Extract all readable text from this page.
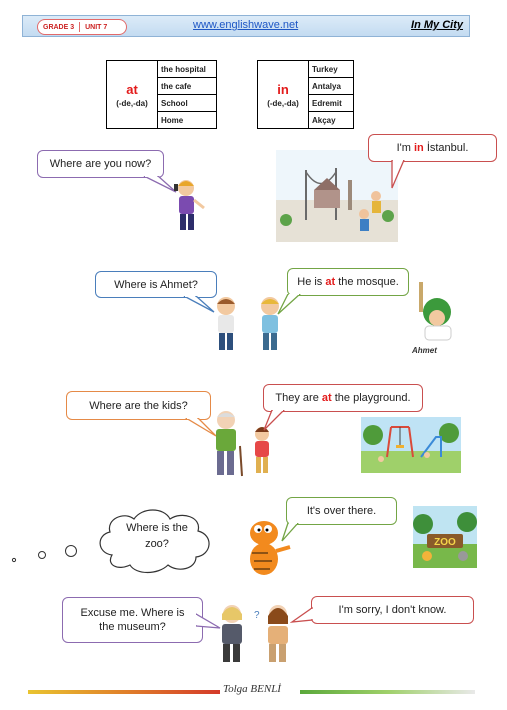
GRADE 3	UNIT 7	www.englishwave.net	In My City
at
(-de,-da)
	the hospital
the cafe
School
Home
in
(-de,-da)
	Turkey
Antalya
Edremit
Akçay
Where are you now?
I'm in İstanbul.
Where is Ahmet?	He is at the mosque.
Ahmet
Where are the kids?
They are at the playground.
Where is the
zoo?
It's over there.
ZOO
Excuse me. Where is
the museum?
?	I'm sorry, I don't know.
Tolga BENLİ
